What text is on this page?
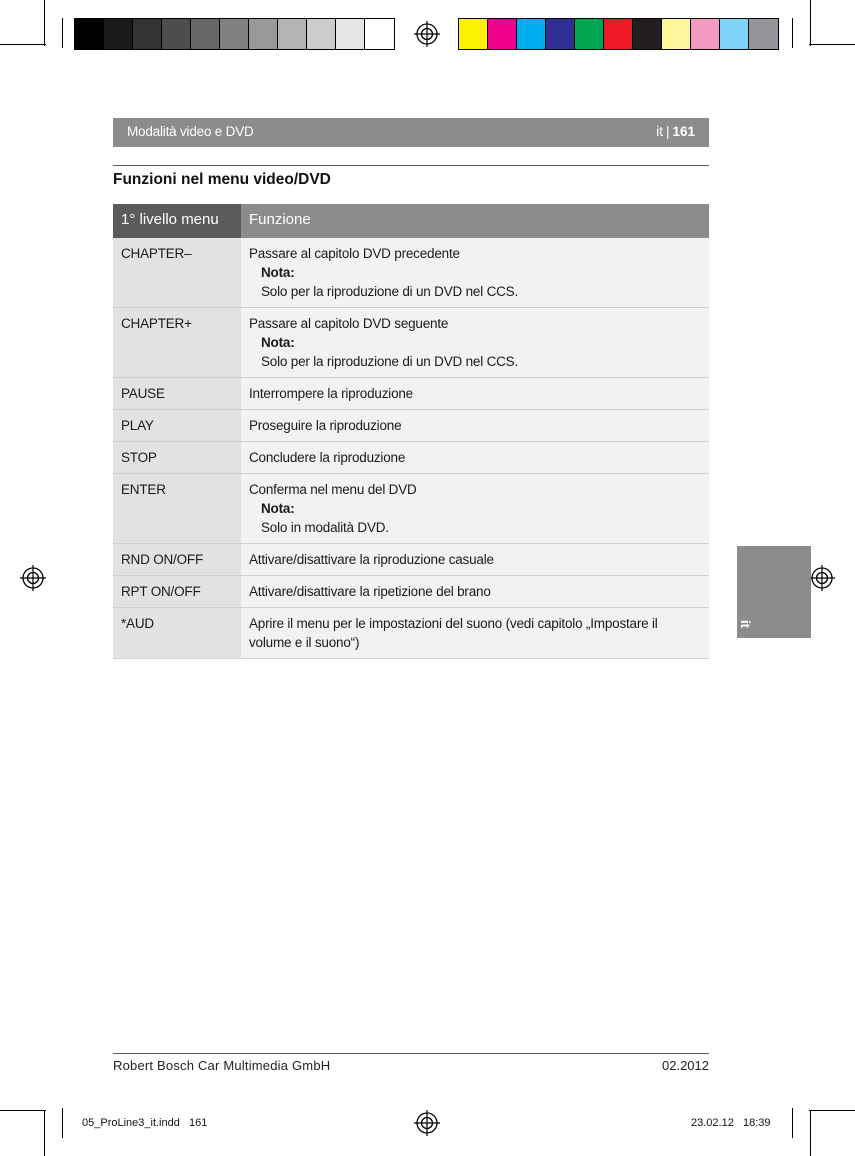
Modalità video e DVD	it | 161
Funzioni nel menu video/DVD
1° livello menu	Funzione
CHAPTER–	Passare al capitolo DVD precedente
Nota:
Solo per la riproduzione di un DVD nel CCS.
CHAPTER+	Passare al capitolo DVD seguente
Nota:
Solo per la riproduzione di un DVD nel CCS.
PAUSE	Interrompere la riproduzione
PLAY	Proseguire la riproduzione
STOP	Concludere la riproduzione
ENTER	Conferma nel menu del DVD
Nota:
Solo in modalità DVD.
RND ON/OFF	Attivare/disattivare la riproduzione casuale
RPT ON/OFF	Attivare/disattivare la ripetizione del brano
*AUD	Aprire il menu per le impostazioni del suono (vedi capitolo „Impostare il volume e il suono“)
it
Robert Bosch Car Multimedia GmbH	02.2012
05_ProLine3_it.indd   161	23.02.12   18:39
